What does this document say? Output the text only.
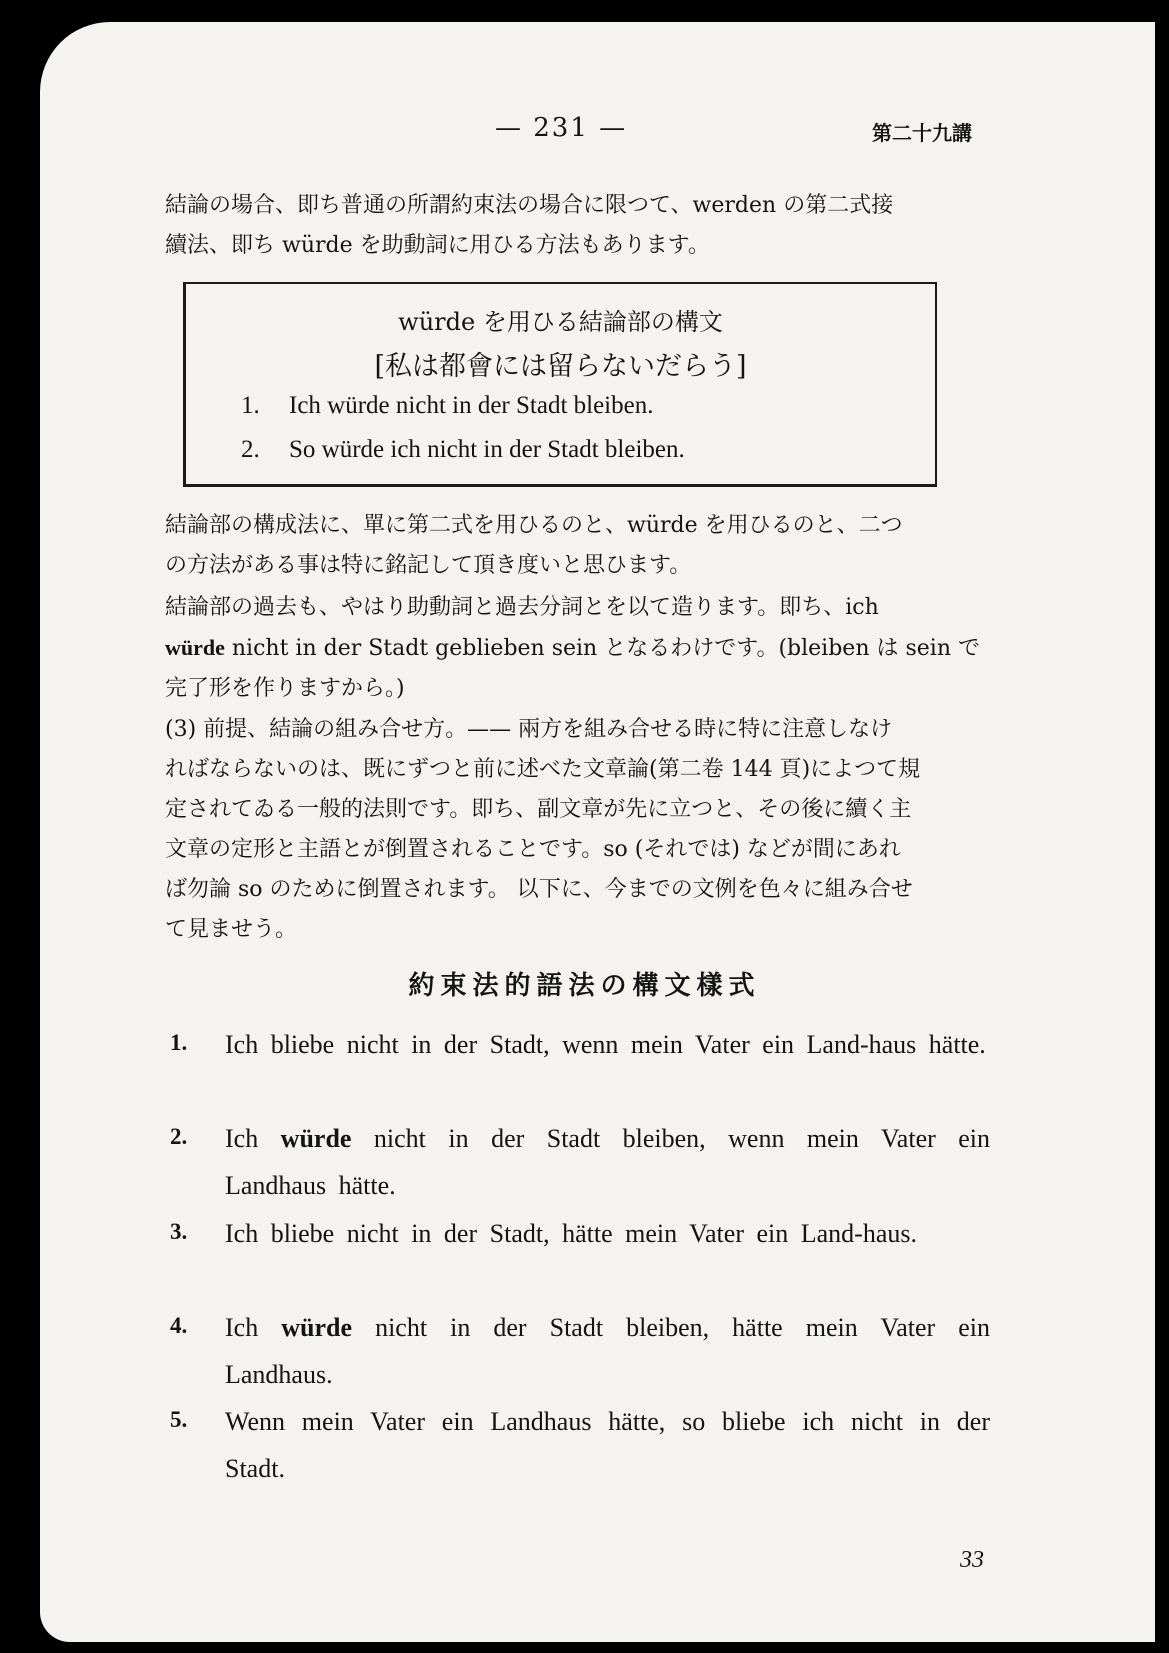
— 231 —	第二十九講
結論の場合、即ち普通の所謂約束法の場合に限つて、werden の第二式接
續法、即ち würde を助動詞に用ひる方法もあります。
würde を用ひる結論部の構文
[私は都會には留らないだらう]
1. Ich würde nicht in der Stadt bleiben.
2. So würde ich nicht in der Stadt bleiben.
結論部の構成法に、單に第二式を用ひるのと、würde を用ひるのと、二つ
の方法がある事は特に銘記して頂き度いと思ひます。
結論部の過去も、やはり助動詞と過去分詞とを以て造ります。即ち、ich
würde nicht in der Stadt geblieben sein となるわけです。(bleiben は sein で
完了形を作りますから。)
(3) 前提、結論の組み合せ方。—— 兩方を組み合せる時に特に注意しなけ
ればならないのは、既にずつと前に述べた文章論(第二卷 144 頁)によつて規
定されてゐる一般的法則です。即ち、副文章が先に立つと、その後に續く主
文章の定形と主語とが倒置されることです。so (それでは) などが間にあれ
ば勿論 so のために倒置されます。 以下に、今までの文例を色々に組み合せ
て見ませう。
約束法的語法の構文樣式
1. Ich bliebe nicht in der Stadt, wenn mein Vater ein Land-haus hätte.
2. Ich würde nicht in der Stadt bleiben, wenn mein Vater ein Landhaus hätte.
3. Ich bliebe nicht in der Stadt, hätte mein Vater ein Land-haus.
4. Ich würde nicht in der Stadt bleiben, hätte mein Vater ein Landhaus.
5. Wenn mein Vater ein Landhaus hätte, so bliebe ich nicht in der Stadt.
33
